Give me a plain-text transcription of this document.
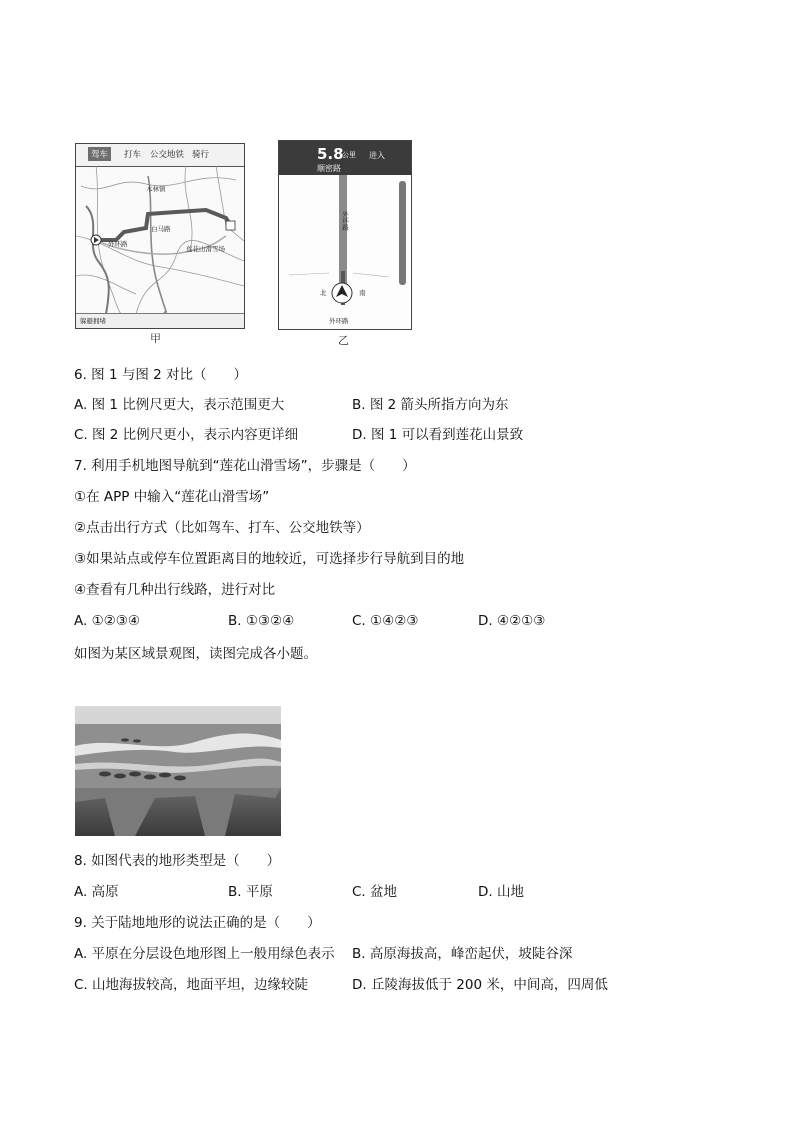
驾车	打车 公交地铁 骑行
木林镇
白马路
外环路
莲花山滑雪场
躲避拥堵
甲
5.8
公里 进入
顺密路
外环路
北	南
外环路
乙
6. 图 1 与图 2 对比（　　）
A. 图 1 比例尺更大，表示范围更大	B. 图 2 箭头所指方向为东
C. 图 2 比例尺更小，表示内容更详细	D. 图 1 可以看到莲花山景致
7. 利用手机地图导航到“莲花山滑雪场”，步骤是（　　）
①在 APP 中输入“莲花山滑雪场”
②点击出行方式（比如驾车、打车、公交地铁等）
③如果站点或停车位置距离目的地较近，可选择步行导航到目的地
④查看有几种出行线路，进行对比
A. ①②③④	B. ①③②④	C. ①④②③	D. ④②①③
如图为某区域景观图，读图完成各小题。
8. 如图代表的地形类型是（　　）
A. 高原	B. 平原	C. 盆地	D. 山地
9. 关于陆地地形的说法正确的是（　　）
A. 平原在分层设色地形图上一般用绿色表示 B. 高原海拔高，峰峦起伏，坡陡谷深
C. 山地海拔较高，地面平坦，边缘较陡	D. 丘陵海拔低于 200 米，中间高，四周低
